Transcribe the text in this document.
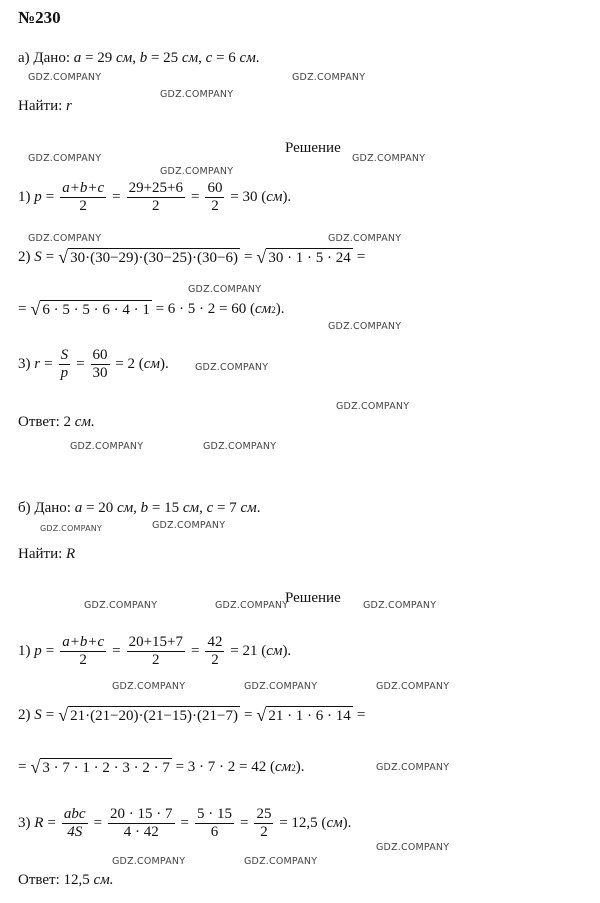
№230
а) Дано: a = 29 см, b = 25 см, c = 6 см.
Найти: r
Решение
1)
$p = \frac{a+b+c}{2} = \frac{29+25+6}{2} = \frac{60}{2}$
= 30 ( см ).
2)
S = √ 30·(30−29)·(30−25)·(30−6) = √ 30 · 1 · 5 · 24 =
= √ 6 · 5 · 5 · 6 · 4 · 1
= 6 · 5 · 2 = 60 ( см 2 ).
3)
$r = \frac{S}{p} = \frac{60}{30}$
= 2 ( см ).
Ответ: 2 см.
б) Дано: a = 20 см, b = 15 см, c = 7 см.
Найти: R
Решение
1)
$p = \frac{a+b+c}{2} = \frac{20+15+7}{2} = \frac{42}{2}$
= 21 ( см ).
2)
S = √ 21·(21−20)·(21−15)·(21−7) = √ 21 · 1 · 6 · 14 =
= √ 3 · 7 · 1 · 2 · 3 · 2 · 7
= 3 · 7 · 2 = 42 ( см 2 ).
3)
$R = \frac{\text{abc}}{4S} = \frac{20 \cdot 15 \cdot 7}{4 \cdot 42} = \frac{5 \cdot 15}{6} = \frac{25}{2}$
= 12,5 ( см ).
Ответ: 12,5 см.
GDZ.COMPANY	GDZ.COMPANY
GDZ.COMPANY
GDZ.COMPANY	GDZ.COMPANY
GDZ.COMPANY
GDZ.COMPANY	GDZ.COMPANY
GDZ.COMPANY
GDZ.COMPANY
GDZ.COMPANY
GDZ.COMPANY
GDZ.COMPANY	GDZ.COMPANY
GDZ.COMPANY	GDZ.COMPANY
GDZ.COMPANY	GDZ.COMPANY	GDZ.COMPANY
GDZ.COMPANY	GDZ.COMPANY	GDZ.COMPANY
GDZ.COMPANY
GDZ.COMPANY
GDZ.COMPANY	GDZ.COMPANY
